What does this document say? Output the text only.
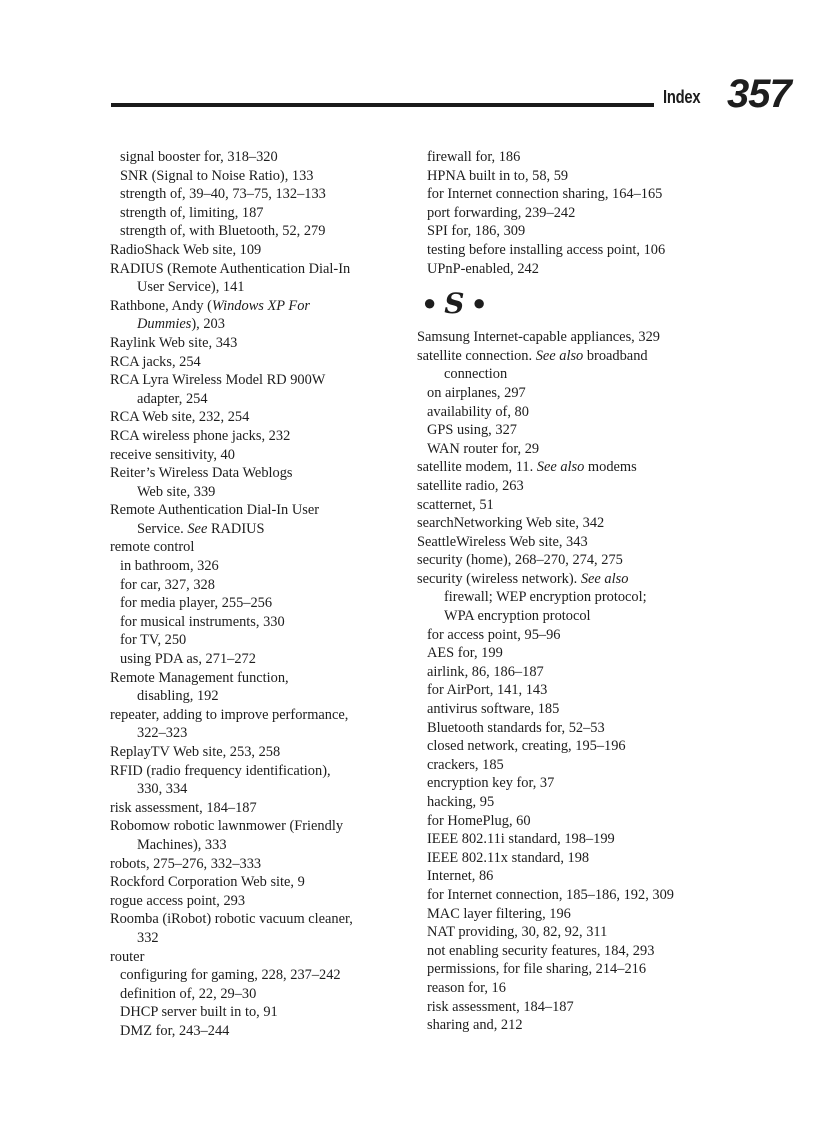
Index 357
signal booster for, 318–320
SNR (Signal to Noise Ratio), 133
strength of, 39–40, 73–75, 132–133
strength of, limiting, 187
strength of, with Bluetooth, 52, 279
RadioShack Web site, 109
RADIUS (Remote Authentication Dial-In
User Service), 141
Rathbone, Andy (Windows XP For
Dummies), 203
Raylink Web site, 343
RCA jacks, 254
RCA Lyra Wireless Model RD 900W
adapter, 254
RCA Web site, 232, 254
RCA wireless phone jacks, 232
receive sensitivity, 40
Reiter’s Wireless Data Weblogs
Web site, 339
Remote Authentication Dial-In User
Service. See RADIUS
remote control
in bathroom, 326
for car, 327, 328
for media player, 255–256
for musical instruments, 330
for TV, 250
using PDA as, 271–272
Remote Management function,
disabling, 192
repeater, adding to improve performance,
322–323
ReplayTV Web site, 253, 258
RFID (radio frequency identification),
330, 334
risk assessment, 184–187
Robomow robotic lawnmower (Friendly
Machines), 333
robots, 275–276, 332–333
Rockford Corporation Web site, 9
rogue access point, 293
Roomba (iRobot) robotic vacuum cleaner,
332
router
configuring for gaming, 228, 237–242
definition of, 22, 29–30
DHCP server built in to, 91
DMZ for, 243–244
firewall for, 186
HPNA built in to, 58, 59
for Internet connection sharing, 164–165
port forwarding, 239–242
SPI for, 186, 309
testing before installing access point, 106
UPnP-enabled, 242
● S ●
Samsung Internet-capable appliances, 329
satellite connection. See also broadband
connection
on airplanes, 297
availability of, 80
GPS using, 327
WAN router for, 29
satellite modem, 11. See also modems
satellite radio, 263
scatternet, 51
searchNetworking Web site, 342
SeattleWireless Web site, 343
security (home), 268–270, 274, 275
security (wireless network). See also
firewall; WEP encryption protocol;
WPA encryption protocol
for access point, 95–96
AES for, 199
airlink, 86, 186–187
for AirPort, 141, 143
antivirus software, 185
Bluetooth standards for, 52–53
closed network, creating, 195–196
crackers, 185
encryption key for, 37
hacking, 95
for HomePlug, 60
IEEE 802.11i standard, 198–199
IEEE 802.11x standard, 198
Internet, 86
for Internet connection, 185–186, 192, 309
MAC layer filtering, 196
NAT providing, 30, 82, 92, 311
not enabling security features, 184, 293
permissions, for file sharing, 214–216
reason for, 16
risk assessment, 184–187
sharing and, 212
